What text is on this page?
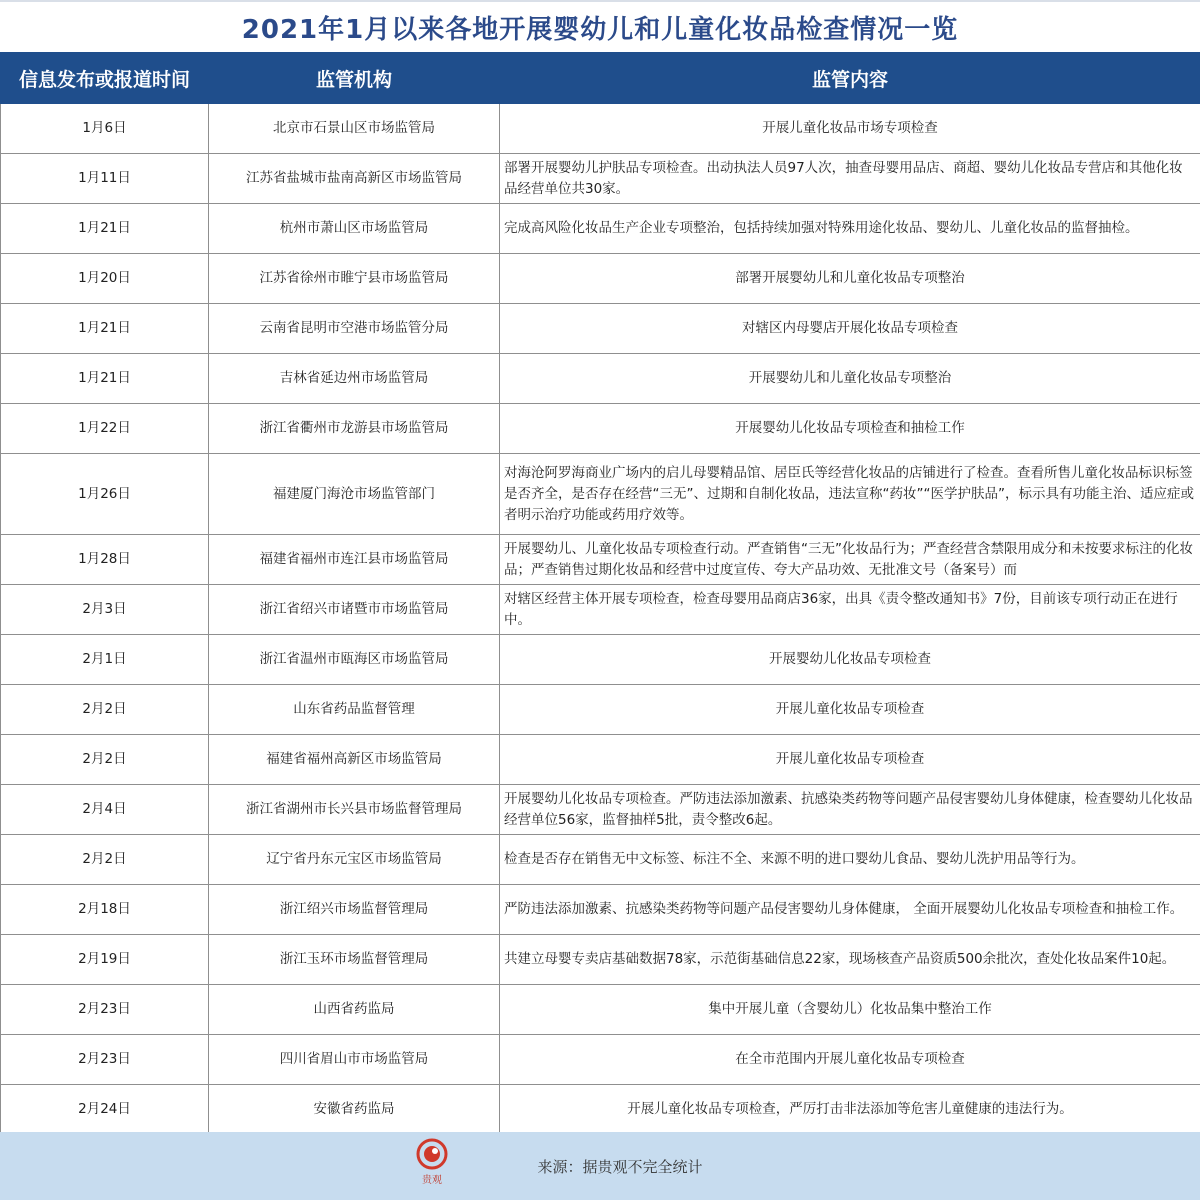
2021年1月以来各地开展婴幼儿和儿童化妆品检查情况一览
信息发布或报道时间	监管机构	监管内容
1月6日	北京市石景山区市场监管局	开展儿童化妆品市场专项检查
1月11日	江苏省盐城市盐南高新区市场监管局	部署开展婴幼儿护肤品专项检查。出动执法人员97人次，抽查母婴用品店、商超、婴幼儿化妆品专营店和其他化妆品经营单位共30家。
1月21日	杭州市萧山区市场监管局	完成高风险化妆品生产企业专项整治，包括持续加强对特殊用途化妆品、婴幼儿、儿童化妆品的监督抽检。
1月20日	江苏省徐州市睢宁县市场监管局	部署开展婴幼儿和儿童化妆品专项整治
1月21日	云南省昆明市空港市场监管分局	对辖区内母婴店开展化妆品专项检查
1月21日	吉林省延边州市场监管局	开展婴幼儿和儿童化妆品专项整治
1月22日	浙江省衢州市龙游县市场监管局	开展婴幼儿化妆品专项检查和抽检工作
1月26日	福建厦门海沧市场监管部门	对海沧阿罗海商业广场内的启儿母婴精品馆、居臣氏等经营化妆品的店铺进行了检查。查看所售儿童化妆品标识标签是否齐全，是否存在经营“三无”、过期和自制化妆品，违法宣称“药妆”“医学护肤品”，标示具有功能主治、适应症或者明示治疗功能或药用疗效等。
1月28日	福建省福州市连江县市场监管局	开展婴幼儿、儿童化妆品专项检查行动。严查销售“三无”化妆品行为；严查经营含禁限用成分和未按要求标注的化妆品；严查销售过期化妆品和经营中过度宣传、夸大产品功效、无批准文号（备案号）而
2月3日	浙江省绍兴市诸暨市市场监管局	对辖区经营主体开展专项检查，检查母婴用品商店36家，出具《责令整改通知书》7份，目前该专项行动正在进行中。
2月1日	浙江省温州市瓯海区市场监管局	开展婴幼儿化妆品专项检查
2月2日	山东省药品监督管理	开展儿童化妆品专项检查
2月2日	福建省福州高新区市场监管局	开展儿童化妆品专项检查
2月4日	浙江省湖州市长兴县市场监督管理局	开展婴幼儿化妆品专项检查。严防违法添加激素、抗感染类药物等问题产品侵害婴幼儿身体健康，检查婴幼儿化妆品经营单位56家，监督抽样5批，责令整改6起。
2月2日	辽宁省丹东元宝区市场监管局	检查是否存在销售无中文标签、标注不全、来源不明的进口婴幼儿食品、婴幼儿洗护用品等行为。
2月18日	浙江绍兴市场监督管理局	严防违法添加激素、抗感染类药物等问题产品侵害婴幼儿身体健康， 全面开展婴幼儿化妆品专项检查和抽检工作。
2月19日	浙江玉环市场监督管理局	共建立母婴专卖店基础数据78家，示范街基础信息22家，现场核查产品资质500余批次，查处化妆品案件10起。
2月23日	山西省药监局	集中开展儿童（含婴幼儿）化妆品集中整治工作
2月23日	四川省眉山市市场监管局	在全市范围内开展儿童化妆品专项检查
2月24日	安徽省药监局	开展儿童化妆品专项检查，严厉打击非法添加等危害儿童健康的违法行为。
贵观
来源：据贵观不完全统计
